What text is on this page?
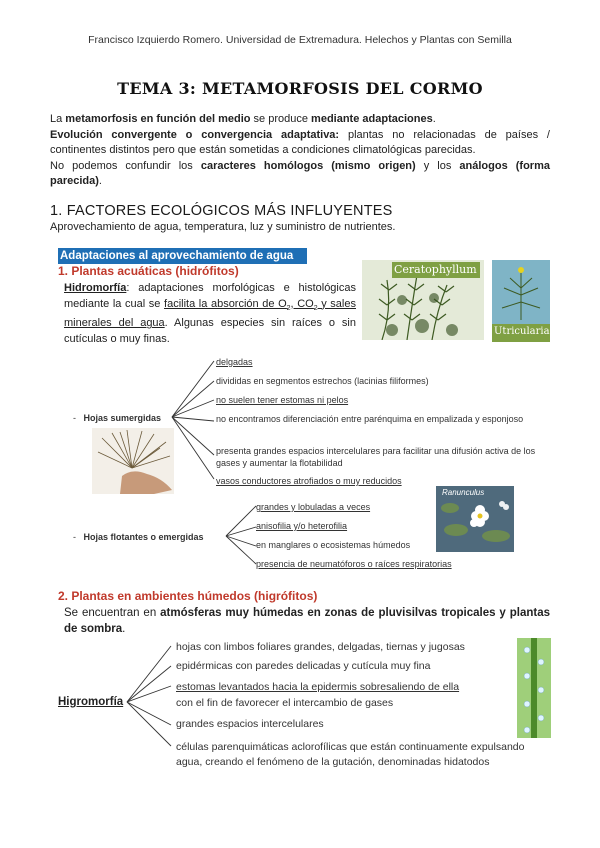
Francisco Izquierdo Romero. Universidad de Extremadura. Helechos y Plantas con Semilla
TEMA 3: METAMORFOSIS DEL CORMO
La metamorfosis en función del medio se produce mediante adaptaciones.
Evolución convergente o convergencia adaptativa: plantas no relacionadas de países / continentes distintos pero que están sometidas a condiciones climatológicas parecidas.
No podemos confundir los caracteres homólogos (mismo origen) y los análogos (forma parecida).
1. FACTORES ECOLÓGICOS MÁS INFLUYENTES
Aprovechamiento de agua, temperatura, luz y suministro de nutrientes.
Adaptaciones al aprovechamiento de agua
1. Plantas acuáticas (hidrófitos)
Hidromorfía: adaptaciones morfológicas e histológicas mediante la cual se facilita la absorción de $O_2$, $CO_2$ y sales minerales del agua. Algunas especies sin raíces o sin cutículas o muy finas.
Ceratophyllum
Utricularia
-   Hojas sumergidas
delgadas
divididas en segmentos estrechos (lacinias filiformes)
no suelen tener estomas ni pelos
no encontramos diferenciación entre parénquima en empalizada y esponjoso
presenta grandes espacios intercelulares para facilitar una difusión activa de los gases y aumentar la flotabilidad
vasos conductores atrofiados o muy reducidos
-   Hojas flotantes o emergidas
grandes y lobuladas a veces
anisofilia y/o heterofilia
en manglares o ecosistemas húmedos
presencia de neumatóforos o raíces respiratorias
Ranunculus
2. Plantas en ambientes húmedos (higrófitos)
Se encuentran en atmósferas muy húmedas en zonas de pluvisilvas tropicales y plantas de sombra.
Higromorfía
hojas con limbos foliares grandes, delgadas, tiernas y jugosas
epidérmicas con paredes delicadas y cutícula muy fina
estomas levantados hacia la epidermis sobresaliendo de ella
con el fin de favorecer el intercambio de gases
grandes espacios intercelulares
células parenquimáticas aclorofílicas que están continuamente expulsando
agua, creando el fenómeno de la gutación, denominadas hidatodos
